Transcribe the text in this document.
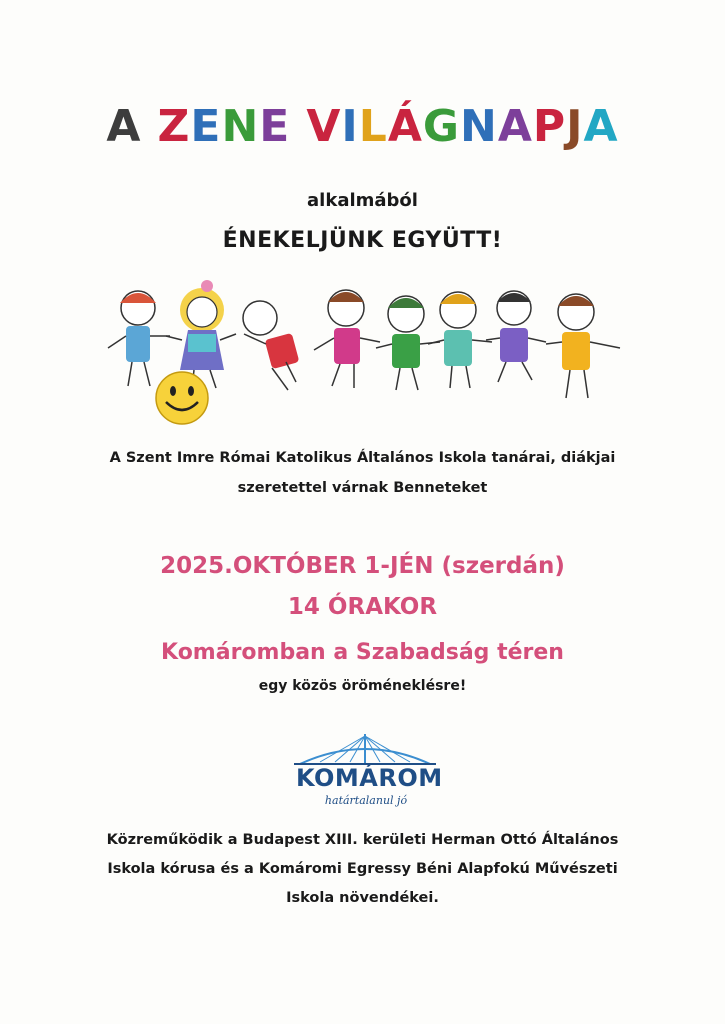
A ZENE VILÁGNAPJA
alkalmából
ÉNEKELJÜNK EGYÜTT!
A Szent Imre Római Katolikus Általános Iskola tanárai, diákjai
szeretettel várnak Benneteket
2025.OKTÓBER 1-JÉN (szerdán)
14 ÓRAKOR
Komáromban a Szabadság téren
egy közös öröméneklésre!
KOMÁROM
határtalanul jó
Közreműködik a Budapest XIII. kerületi Herman Ottó Általános
Iskola kórusa és a Komáromi Egressy Béni Alapfokú Művészeti
Iskola növendékei.
